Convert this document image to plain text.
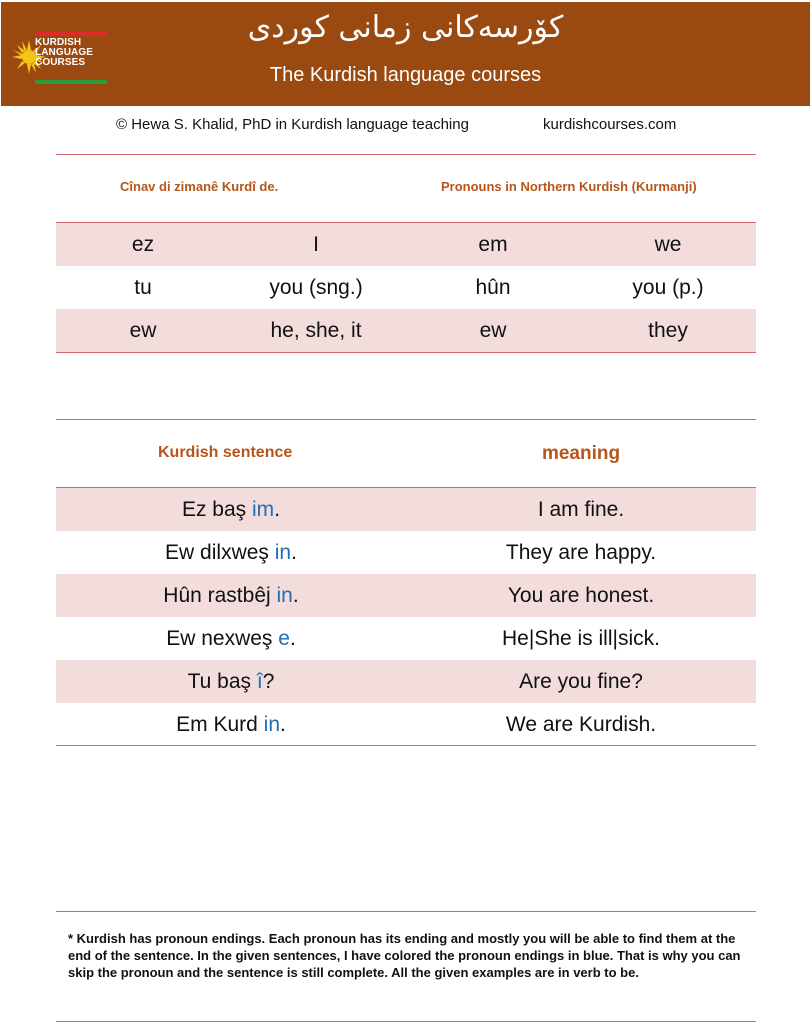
KURDISH
LANGUAGE
COURSES
کۆرسەکانی زمانی کوردی
The Kurdish language courses
© Hewa S. Khalid, PhD in Kurdish language teaching	kurdishcourses.com
Cînav di zimanê Kurdî de.	Pronouns in Northern Kurdish (Kurmanji)
ez	I	em	we
tu	you (sng.)	hûn	you (p.)
ew	he, she, it	ew	they
Kurdish sentence	meaning
Ez baş im.	I am fine.
Ew dilxweş in.	They are happy.
Hûn rastbêj in.	You are honest.
Ew nexweş e.	He|She is ill|sick.
Tu baş î?	Are you fine?
Em Kurd in.	We are Kurdish.
* Kurdish has pronoun endings. Each pronoun has its ending and mostly you will be able to find them at the end of the sentence. In the given sentences, I have colored the pronoun endings in blue. That is why you can skip the pronoun and the sentence is still complete. All the given examples are in verb to be.
